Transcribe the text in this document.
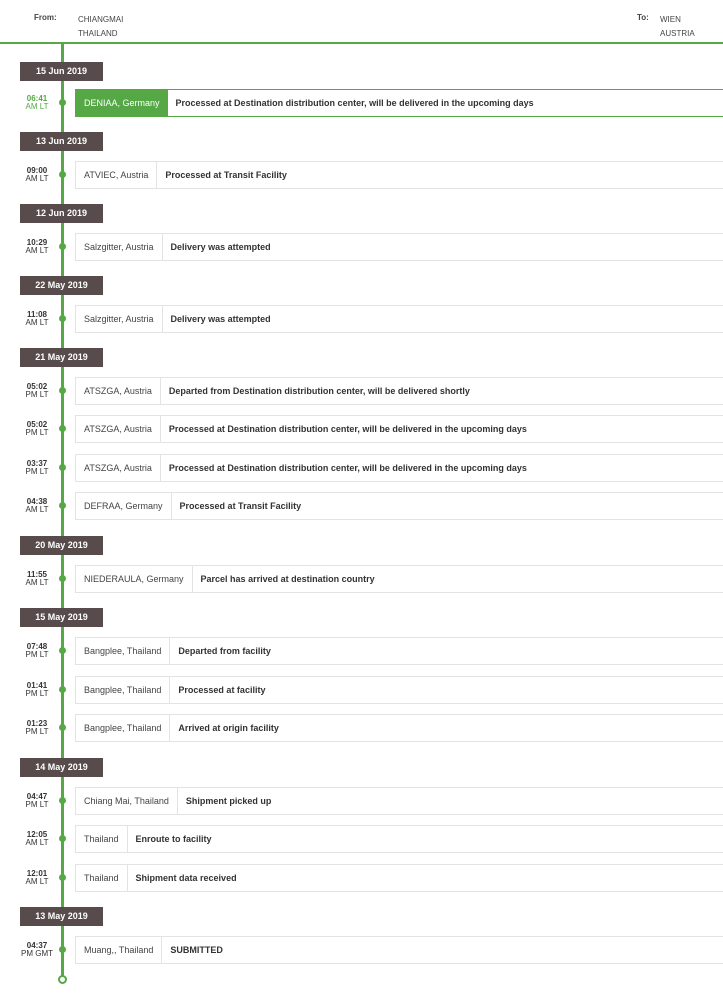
From:	CHIANGMAI
THAILAND
To: WIEN
AUSTRIA
15 Jun 2019
06:41
AM LT	DENIAA, Germany	Processed at Destination distribution center, will be delivered in the upcoming days
13 Jun 2019
09:00
AM LT	ATVIEC, Austria	Processed at Transit Facility
12 Jun 2019
10:29
AM LT	Salzgitter, Austria	Delivery was attempted
22 May 2019
11:08
AM LT	Salzgitter, Austria	Delivery was attempted
21 May 2019
05:02
PM LT	ATSZGA, Austria	Departed from Destination distribution center, will be delivered shortly
05:02
PM LT	ATSZGA, Austria	Processed at Destination distribution center, will be delivered in the upcoming days
03:37
PM LT	ATSZGA, Austria	Processed at Destination distribution center, will be delivered in the upcoming days
04:38
AM LT	DEFRAA, Germany	Processed at Transit Facility
20 May 2019
11:55
AM LT	NIEDERAULA, Germany	Parcel has arrived at destination country
15 May 2019
07:48
PM LT	Bangplee, Thailand	Departed from facility
01:41
PM LT	Bangplee, Thailand	Processed at facility
01:23
PM LT	Bangplee, Thailand	Arrived at origin facility
14 May 2019
04:47
PM LT	Chiang Mai, Thailand	Shipment picked up
12:05
AM LT	Thailand	Enroute to facility
12:01
AM LT	Thailand	Shipment data received
13 May 2019
04:37
PM GMT	Muang,, Thailand	SUBMITTED
